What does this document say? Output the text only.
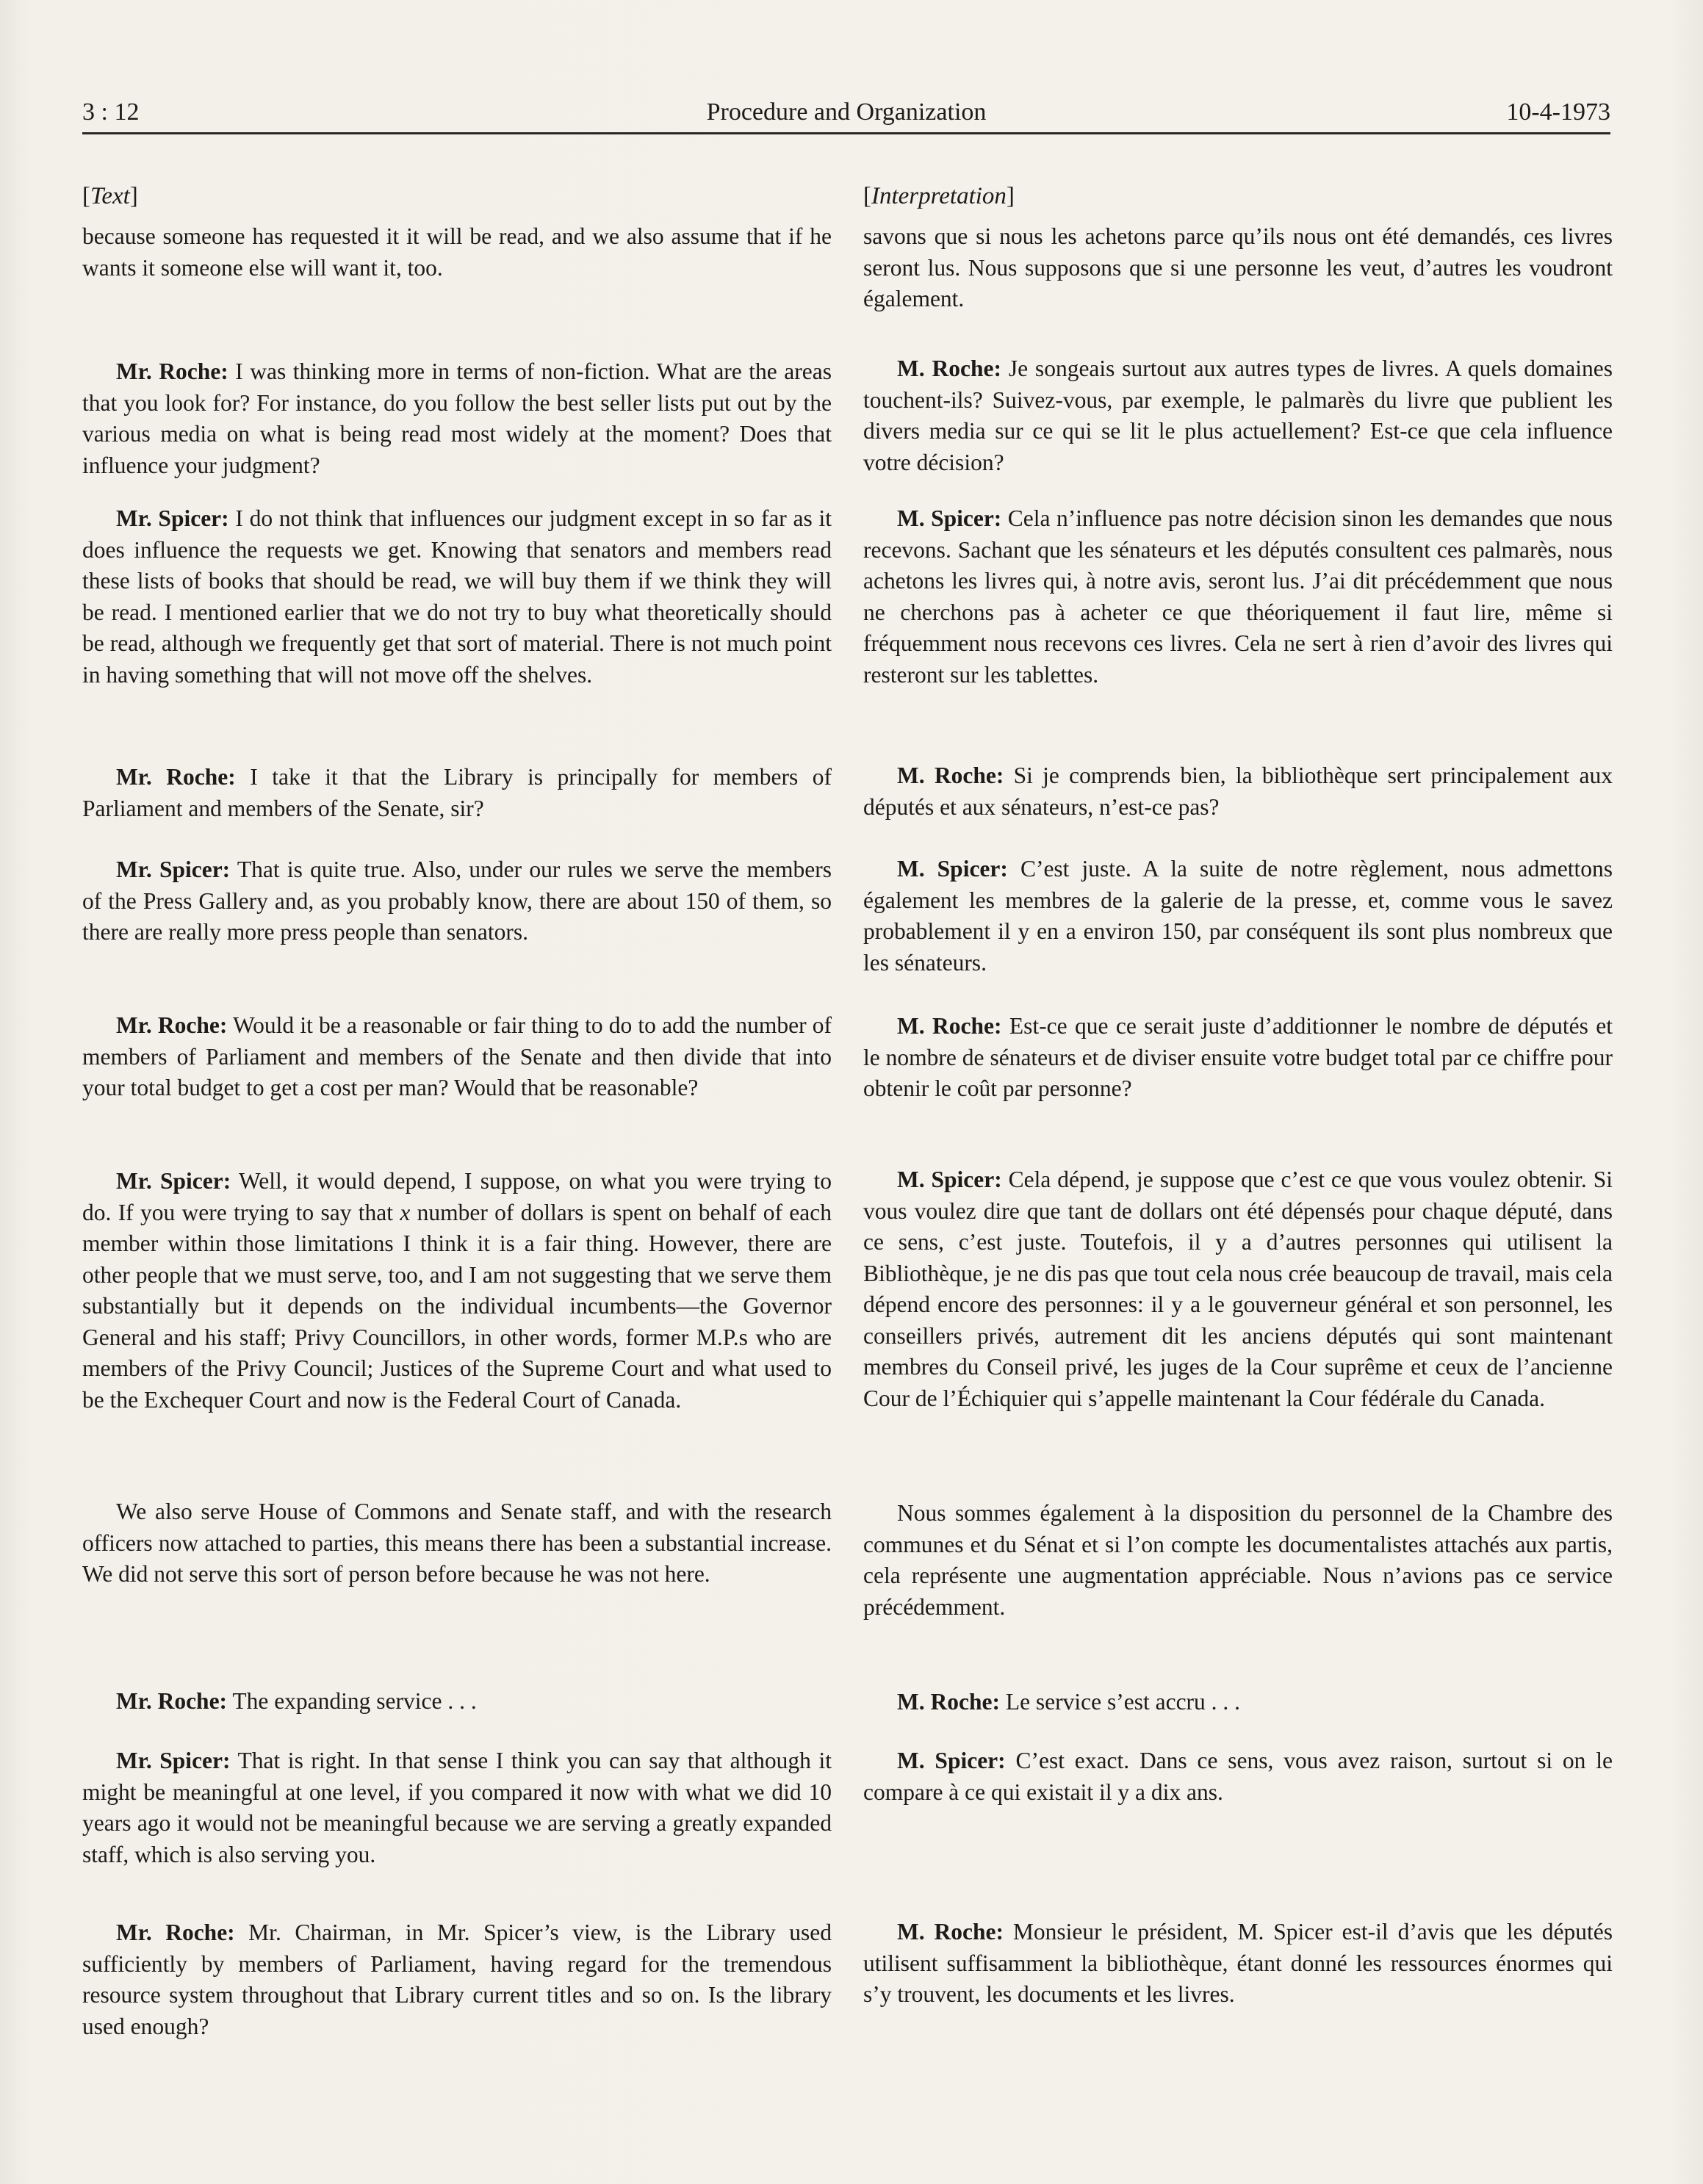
3 : 12	Procedure and Organization	10-4-1973
[Text]

because someone has requested it it will be read, and we also assume that if he wants it someone else will want it, too.

Mr. Roche: I was thinking more in terms of non-fiction. What are the areas that you look for? For instance, do you follow the best seller lists put out by the various media on what is being read most widely at the moment? Does that influence your judgment?

Mr. Spicer: I do not think that influences our judgment except in so far as it does influence the requests we get. Knowing that senators and members read these lists of books that should be read, we will buy them if we think they will be read. I mentioned earlier that we do not try to buy what theoretically should be read, although we frequently get that sort of material. There is not much point in having something that will not move off the shelves.

Mr. Roche: I take it that the Library is principally for members of Parliament and members of the Senate, sir?

Mr. Spicer: That is quite true. Also, under our rules we serve the members of the Press Gallery and, as you probably know, there are about 150 of them, so there are really more press people than senators.

Mr. Roche: Would it be a reasonable or fair thing to do to add the number of members of Parliament and members of the Senate and then divide that into your total budget to get a cost per man? Would that be reasonable?

Mr. Spicer: Well, it would depend, I suppose, on what you were trying to do. If you were trying to say that x number of dollars is spent on behalf of each member within those limitations I think it is a fair thing. However, there are other people that we must serve, too, and I am not suggesting that we serve them substantially but it depends on the individual incumbents—the Governor General and his staff; Privy Councillors, in other words, former M.P.s who are members of the Privy Council; Justices of the Supreme Court and what used to be the Exchequer Court and now is the Federal Court of Canada.

We also serve House of Commons and Senate staff, and with the research officers now attached to parties, this means there has been a substantial increase. We did not serve this sort of person before because he was not here.

Mr. Roche: The expanding service . . .

Mr. Spicer: That is right. In that sense I think you can say that although it might be meaningful at one level, if you compared it now with what we did 10 years ago it would not be meaningful because we are serving a greatly expanded staff, which is also serving you.

Mr. Roche: Mr. Chairman, in Mr. Spicer’s view, is the Library used sufficiently by members of Parliament, having regard for the tremendous resource system throughout that Library current titles and so on. Is the library used enough?

[Interpretation]

savons que si nous les achetons parce qu’ils nous ont été demandés, ces livres seront lus. Nous supposons que si une personne les veut, d’autres les voudront également.

M. Roche: Je songeais surtout aux autres types de livres. A quels domaines touchent-ils? Suivez-vous, par exemple, le palmarès du livre que publient les divers media sur ce qui se lit le plus actuellement? Est-ce que cela influence votre décision?

M. Spicer: Cela n’influence pas notre décision sinon les demandes que nous recevons. Sachant que les sénateurs et les députés consultent ces palmarès, nous achetons les livres qui, à notre avis, seront lus. J’ai dit précédemment que nous ne cherchons pas à acheter ce que théoriquement il faut lire, même si fréquemment nous recevons ces livres. Cela ne sert à rien d’avoir des livres qui resteront sur les tablettes.

M. Roche: Si je comprends bien, la bibliothèque sert principalement aux députés et aux sénateurs, n’est-ce pas?

M. Spicer: C’est juste. A la suite de notre règlement, nous admettons également les membres de la galerie de la presse, et, comme vous le savez probablement il y en a environ 150, par conséquent ils sont plus nombreux que les sénateurs.

M. Roche: Est-ce que ce serait juste d’additionner le nombre de députés et le nombre de sénateurs et de diviser ensuite votre budget total par ce chiffre pour obtenir le coût par personne?

M. Spicer: Cela dépend, je suppose que c’est ce que vous voulez obtenir. Si vous voulez dire que tant de dollars ont été dépensés pour chaque député, dans ce sens, c’est juste. Toutefois, il y a d’autres personnes qui utilisent la Bibliothèque, je ne dis pas que tout cela nous crée beaucoup de travail, mais cela dépend encore des personnes: il y a le gouverneur général et son personnel, les conseillers privés, autrement dit les anciens députés qui sont maintenant membres du Conseil privé, les juges de la Cour suprême et ceux de l’ancienne Cour de l’Échiquier qui s’appelle maintenant la Cour fédérale du Canada.

Nous sommes également à la disposition du personnel de la Chambre des communes et du Sénat et si l’on compte les documentalistes attachés aux partis, cela représente une augmentation appréciable. Nous n’avions pas ce service précédemment.

M. Roche: Le service s’est accru . . .

M. Spicer: C’est exact. Dans ce sens, vous avez raison, surtout si on le compare à ce qui existait il y a dix ans.

M. Roche: Monsieur le président, M. Spicer est-il d’avis que les députés utilisent suffisamment la bibliothèque, étant donné les ressources énormes qui s’y trouvent, les documents et les livres.
